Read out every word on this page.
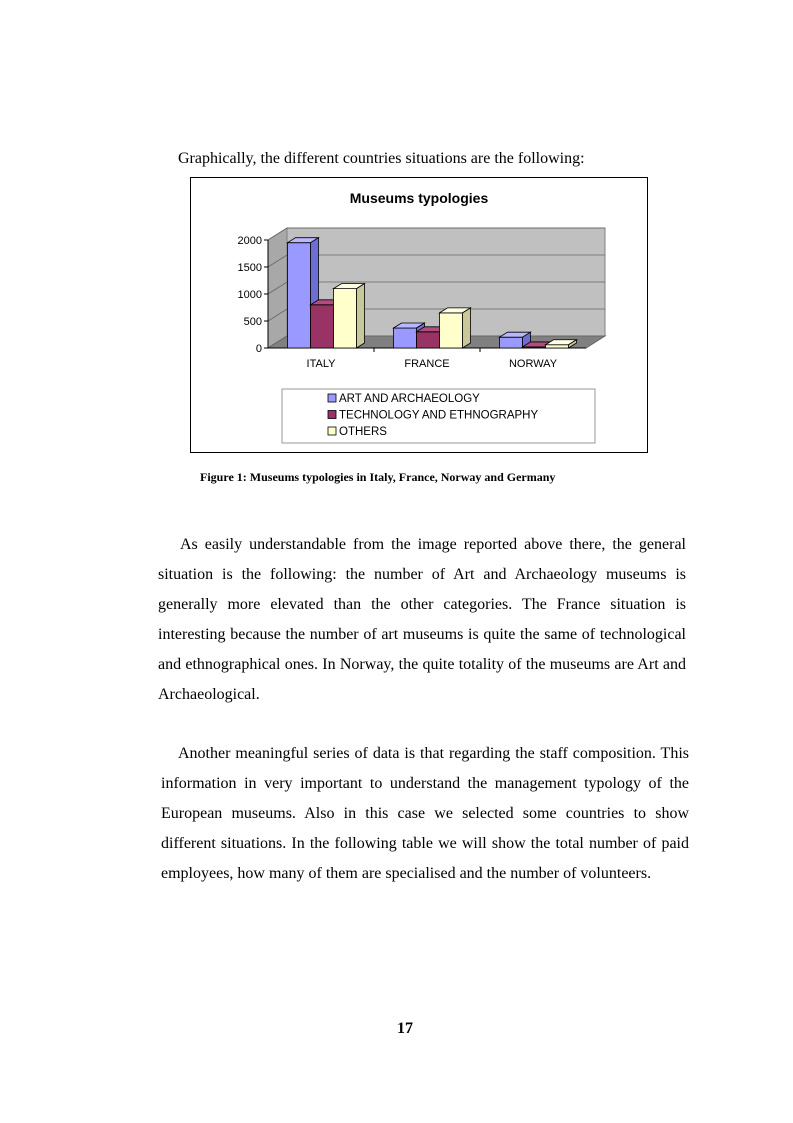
Graphically, the different countries situations are the following:
Museums typologies
0
500
1000
1500
2000
ITALY	FRANCE	NORWAY
ART AND ARCHAEOLOGY
TECHNOLOGY AND ETHNOGRAPHY
OTHERS
Figure 1: Museums typologies in Italy, France, Norway and Germany

As easily understandable from the image reported above there, the general situation is the following: the number of Art and Archaeology museums is generally more elevated than the other categories. The France situation is interesting because the number of art museums is quite the same of technological and ethnographical ones. In Norway, the quite totality of the museums are Art and Archaeological.

Another meaningful series of data is that regarding the staff composition. This information in very important to understand the management typology of the European museums. Also in this case we selected some countries to show different situations. In the following table we will show the total number of paid employees, how many of them are specialised and the number of volunteers.

17
